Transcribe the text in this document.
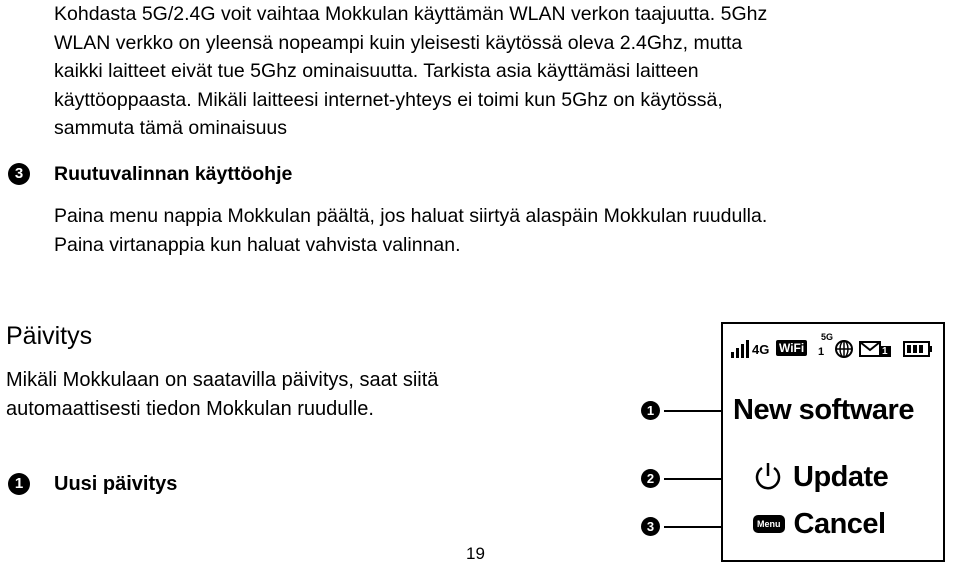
Kohdasta 5G/2.4G voit vaihtaa Mokkulan käyttämän WLAN verkon taajuutta. 5Ghz
WLAN verkko on yleensä nopeampi kuin yleisesti käytössä oleva 2.4Ghz, mutta
kaikki laitteet eivät tue 5Ghz ominaisuutta. Tarkista asia käyttämäsi laitteen
käyttöoppaasta. Mikäli laitteesi internet-yhteys ei toimi kun 5Ghz on käytössä,
sammuta tämä ominaisuus
3	Ruutuvalinnan käyttöohje
Paina menu nappia Mokkulan päältä, jos haluat siirtyä alaspäin Mokkulan ruudulla.
Paina virtanappia kun haluat vahvista valinnan.
Päivitys
Mikäli Mokkulaan on saatavilla päivitys, saat siitä
automaattisesti tiedon Mokkulan ruudulle.
1	Uusi päivitys
1
2
3
4G WiFi 1
5G
1
New software
Update
Menu Cancel
19
